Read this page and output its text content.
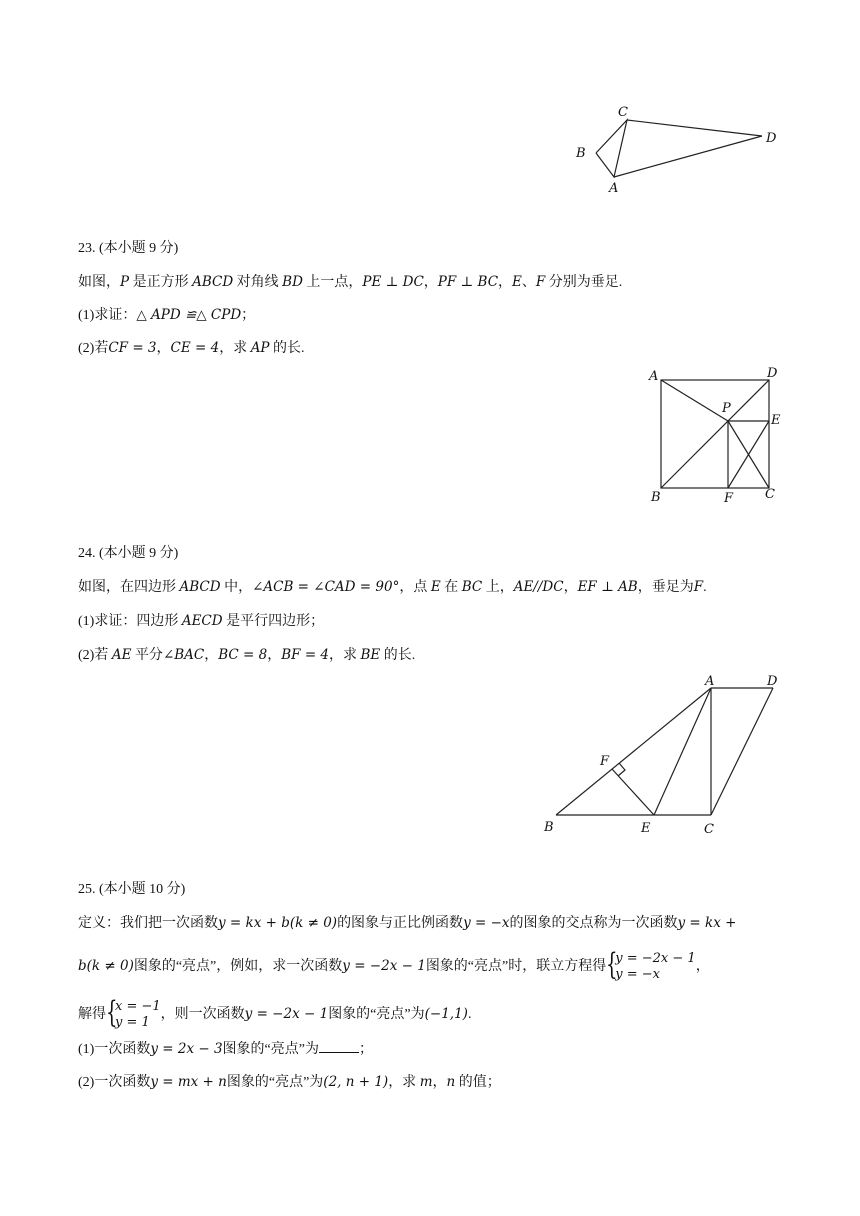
C
B
A
D
23. (本小题 9 分)
如图，P 是正方形 ABCD 对角线 BD 上一点，PE ⊥ DC，PF ⊥ BC，E、F 分别为垂足.
(1)求证：△ APD ≌△ CPD；
(2)若CF = 3，CE = 4，求 AP 的长.
A	D
P
E
B	F C
24. (本小题 9 分)
如图，在四边形 ABCD 中，∠ACB = ∠CAD = 90°，点 E 在 BC 上，AE//DC，EF ⊥ AB，垂足为F.
(1)求证：四边形 AECD 是平行四边形；
(2)若 AE 平分∠BAC，BC = 8，BF = 4，求 BE 的长.
A	D
F
B	E	C
25. (本小题 10 分)
定义：我们把一次函数y = kx + b(k ≠ 0)的图象与正比例函数y = −x的图象的交点称为一次函数y = kx +
b(k ≠ 0)图象的“亮点”，例如，求一次函数y = −2x − 1图象的“亮点”时，联立方程得 {
y = −2x − 1
y = −x
，
解得 {
x = −1
y = 1
，则一次函数y = −2x − 1图象的“亮点”为(−1,1).
(1)一次函数y = 2x − 3图象的“亮点”为	；
(2)一次函数y = mx + n图象的“亮点”为(2, n + 1)，求 m，n 的值；
